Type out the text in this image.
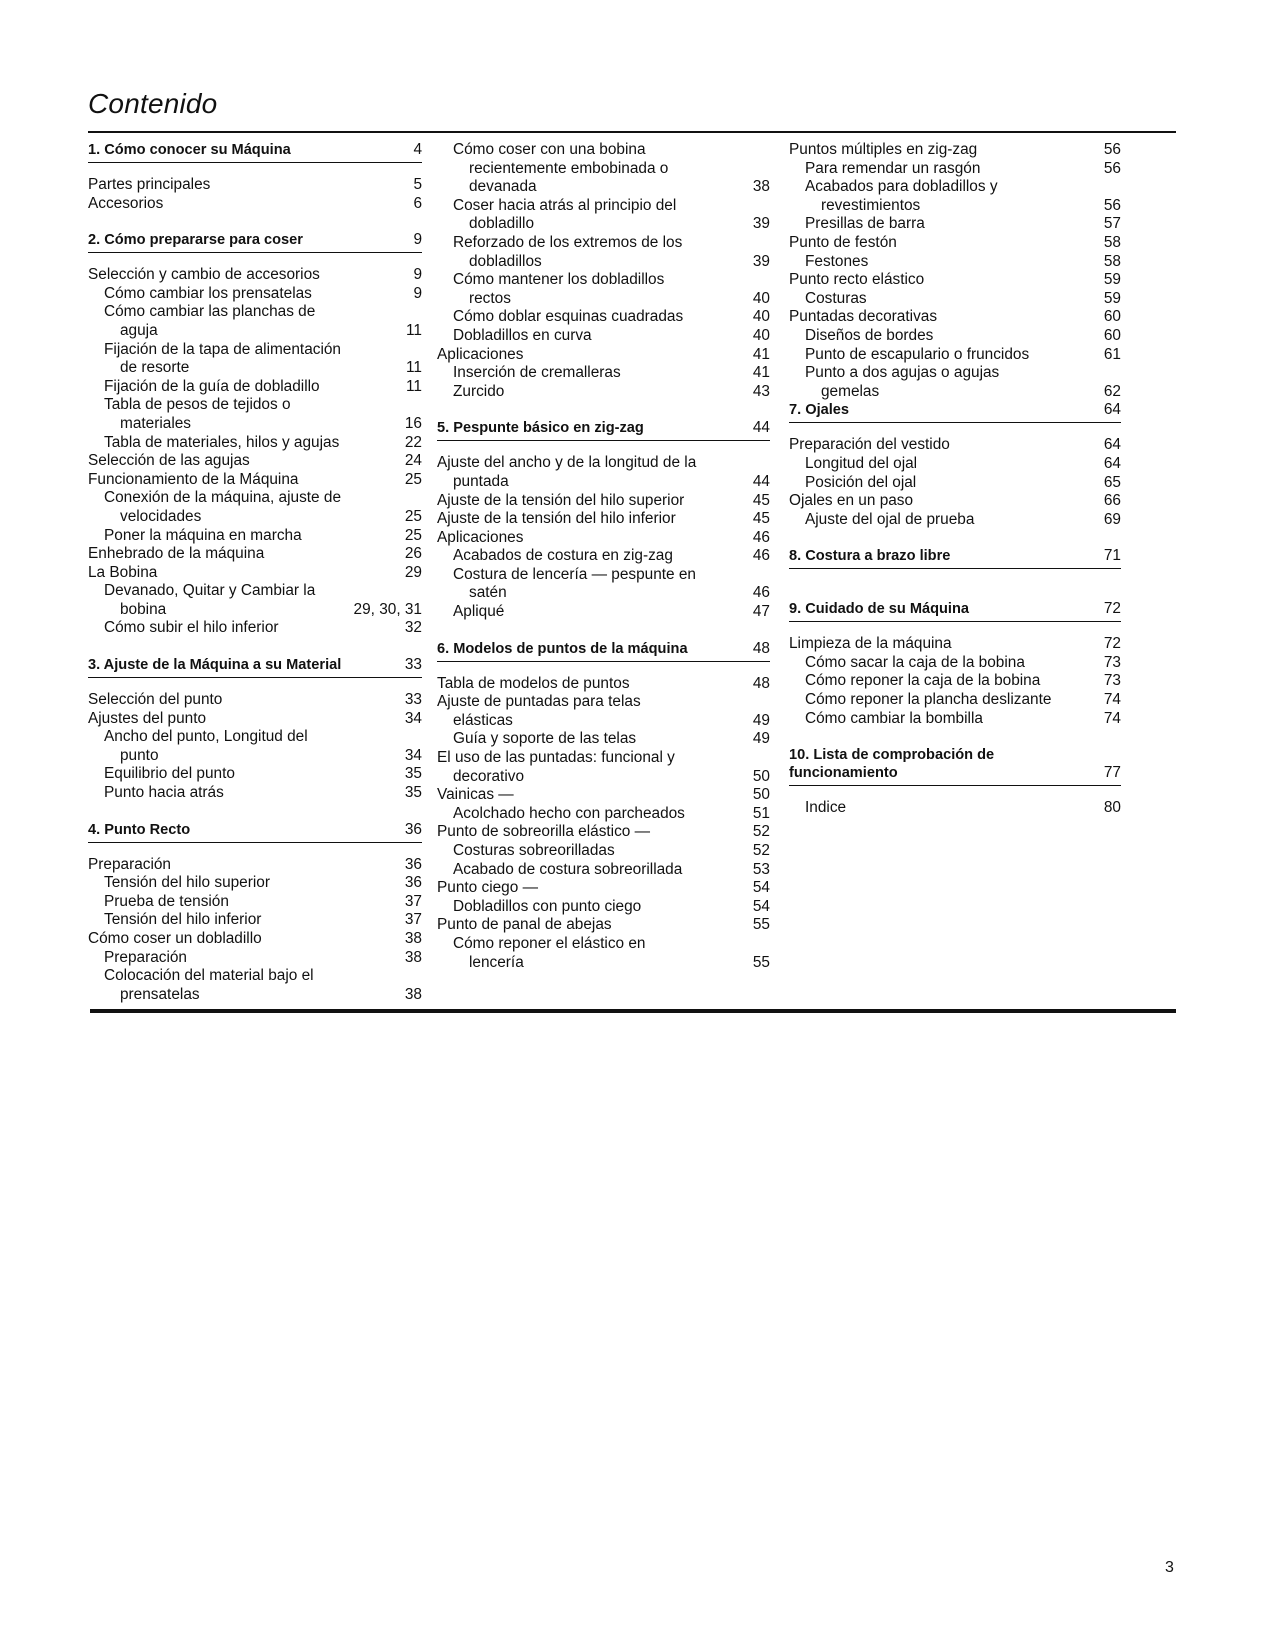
Contenido
1. Cómo conocer su Máquina	4
Partes principales	5
Accesorios	6
2. Cómo prepararse para coser	9
Selección y cambio de accesorios	9
Cómo cambiar los prensatelas	9
Cómo cambiar las planchas de
aguja	11
Fijación de la tapa de alimentación
de resorte	11
Fijación de la guía de dobladillo	11
Tabla de pesos de tejidos o
materiales	16
Tabla de materiales, hilos y agujas	22
Selección de las agujas	24
Funcionamiento de la Máquina	25
Conexión de la máquina, ajuste de
velocidades	25
Poner la máquina en marcha	25
Enhebrado de la máquina	26
La Bobina	29
Devanado, Quitar y Cambiar la
bobina	29, 30, 31
Cómo subir el hilo inferior	32
3. Ajuste de la Máquina a su Material	33
Selección del punto	33
Ajustes del punto	34
Ancho del punto, Longitud del
punto	34
Equilibrio del punto	35
Punto hacia atrás	35
4. Punto Recto	36
Preparación	36
Tensión del hilo superior	36
Prueba de tensión	37
Tensión del hilo inferior	37
Cómo coser un dobladillo	38
Preparación	38
Colocación del material bajo el
prensatelas	38
Cómo coser con una bobina
recientemente embobinada o
devanada	38
Coser hacia atrás al principio del
dobladillo	39
Reforzado de los extremos de los
dobladillos	39
Cómo mantener los dobladillos
rectos	40
Cómo doblar esquinas cuadradas	40
Dobladillos en curva	40
Aplicaciones	41
Inserción de cremalleras	41
Zurcido	43
5. Pespunte básico en zig-zag	44
Ajuste del ancho y de la longitud de la
puntada	44
Ajuste de la tensión del hilo superior	45
Ajuste de la tensión del hilo inferior	45
Aplicaciones	46
Acabados de costura en zig-zag	46
Costura de lencería — pespunte en
satén	46
Apliqué	47
6. Modelos de puntos de la máquina	48
Tabla de modelos de puntos	48
Ajuste de puntadas para telas
elásticas	49
Guía y soporte de las telas	49
El uso de las puntadas: funcional y
decorativo	50
Vainicas —	50
Acolchado hecho con parcheados	51
Punto de sobreorilla elástico —	52
Costuras sobreorilladas	52
Acabado de costura sobreorillada	53
Punto ciego —	54
Dobladillos con punto ciego	54
Punto de panal de abejas	55
Cómo reponer el elástico en
lencería	55
Puntos múltiples en zig-zag	56
Para remendar un rasgón	56
Acabados para dobladillos y
revestimientos	56
Presillas de barra	57
Punto de festón	58
Festones	58
Punto recto elástico	59
Costuras	59
Puntadas decorativas	60
Diseños de bordes	60
Punto de escapulario o fruncidos	61
Punto a dos agujas o agujas
gemelas	62
7. Ojales	64
Preparación del vestido	64
Longitud del ojal	64
Posición del ojal	65
Ojales en un paso	66
Ajuste del ojal de prueba	69
8. Costura a brazo libre	71
9. Cuidado de su Máquina	72
Limpieza de la máquina	72
Cómo sacar la caja de la bobina	73
Cómo reponer la caja de la bobina	73
Cómo reponer la plancha deslizante	74
Cómo cambiar la bombilla	74
10. Lista de comprobación de funcionamiento	77
Indice	80
3
